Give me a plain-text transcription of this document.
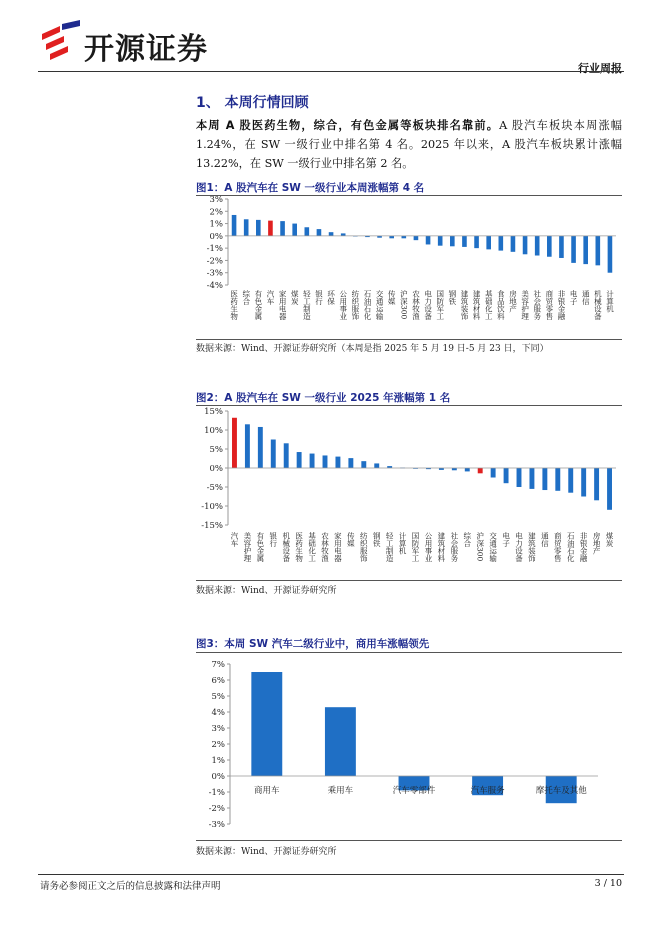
开源证券
行业周报
1、 本周行情回顾
本周 A 股医药生物，综合，有色金属等板块排名靠前。A 股汽车板块本周涨幅 1.24%，在 SW 一级行业中排名第 4 名。2025 年以来，A 股汽车板块累计涨幅 13.22%，在 SW 一级行业中排名第 2 名。
图1：A 股汽车在 SW 一级行业本周涨幅第 4 名
3%
2%
1%
0%
-1%
-2%
-3%
-4%
医药生物 综合 有色金属 汽车 家用电器 煤炭 轻工制造 银行 环保 公用事业 纺织服饰 石油石化 交通运输 传媒 沪深300 农林牧渔 电力设备 国防军工 钢铁 建筑装饰 建筑材料 基础化工 食品饮料 房地产 美容护理 社会服务 商贸零售 非银金融 电子 通信 机械设备 计算机
数据来源：Wind、开源证券研究所（本周是指 2025 年 5 月 19 日-5 月 23 日，下同）
图2：A 股汽车在 SW 一级行业 2025 年涨幅第 1 名
15%
10%
5%
0%
-5%
-10%
-15%
汽车 美容护理 有色金属 银行 机械设备 医药生物 基础化工 农林牧渔 家用电器 传媒 纺织服饰 钢铁 轻工制造 计算机 国防军工 公用事业 建筑材料 社会服务 综合 沪深300 交通运输 电子 电力设备 建筑装饰 通信 商贸零售 石油石化 非银金融 房地产 煤炭
数据来源：Wind、开源证券研究所
图3：本周 SW 汽车二级行业中，商用车涨幅领先
7%
6%
5%
4%
3%
2%
1%
0%
-1%
-2%
-3%
商用车	乘用车	汽车零部件	汽车服务	摩托车及其他
数据来源：Wind、开源证券研究所
请务必参阅正文之后的信息披露和法律声明	3 / 10
